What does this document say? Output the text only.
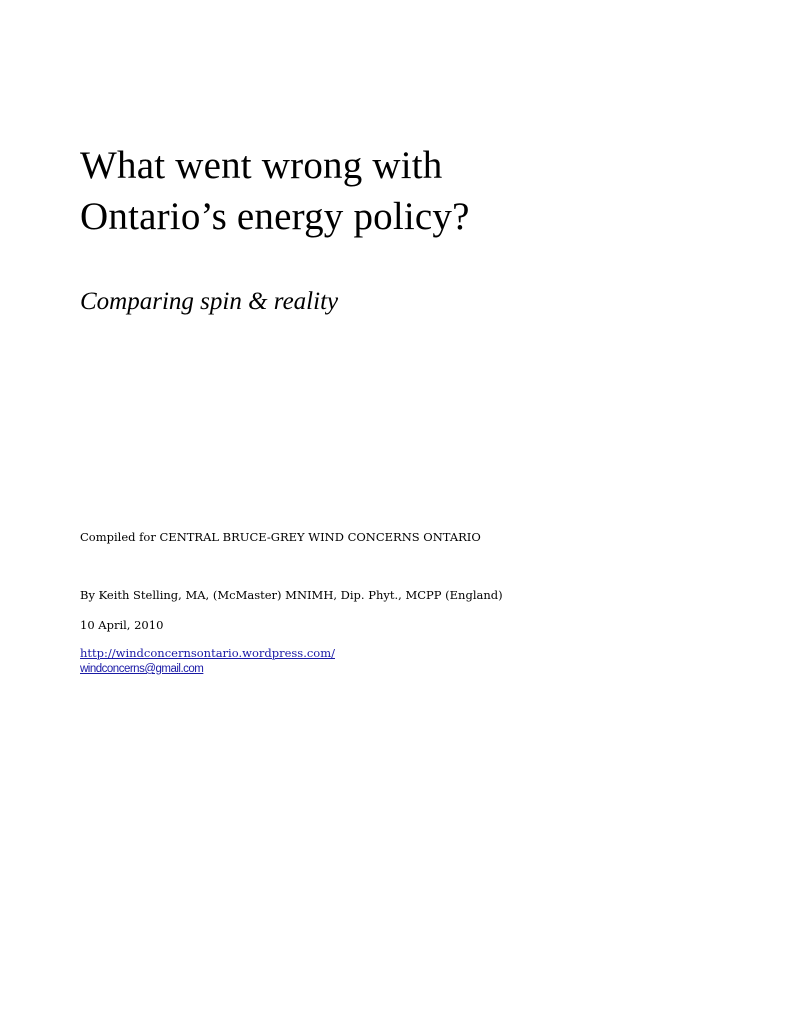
What went wrong with
Ontario’s energy policy?
Comparing spin & reality

Compiled for CENTRAL BRUCE-GREY WIND CONCERNS ONTARIO

By Keith Stelling, MA, (McMaster) MNIMH, Dip. Phyt., MCPP (England)

10 April, 2010

http://windconcernsontario.wordpress.com/
windconcerns@gmail.com
